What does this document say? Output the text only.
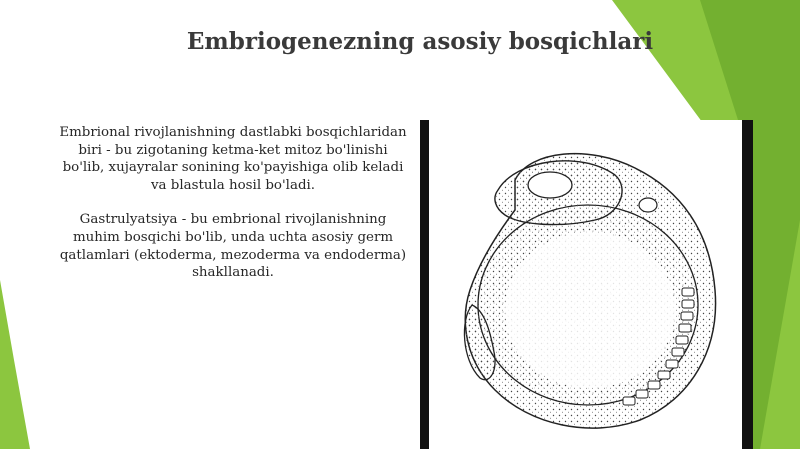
Embriogenezning asosiy bosqichlari

Embrional rivojlanishning dastlabki bosqichlaridan biri - bu zigotaning ketma-ket mitoz bo'linishi bo'lib, xujayralar sonining ko'payishiga olib keladi va blastula hosil bo'ladi.

Gastrulyatsiya - bu embrional rivojlanishning muhim bosqichi bo'lib, unda uchta asosiy germ qatlamlari (ektoderma, mezoderma va endoderma) shakllanadi.
